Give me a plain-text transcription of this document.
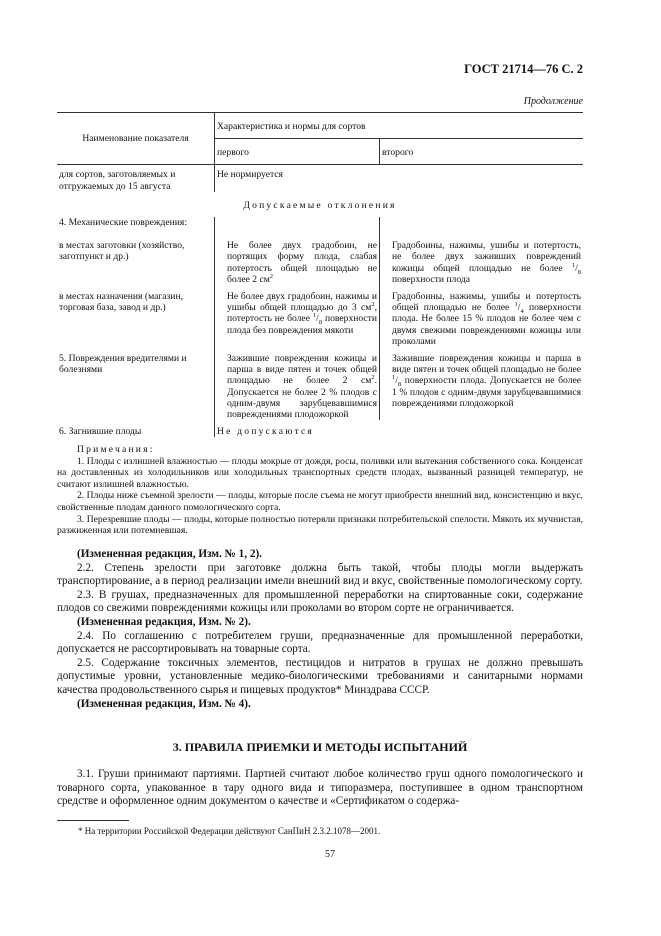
ГОСТ 21714—76 С. 2
Продолжение
Наименование показателя	Характеристика и нормы для сортов	
	первого	второго
для сортов, заготовляемых и отгружаемых до 15 августа	Не нормируется	
Допускаемые отклонения		
4. Механические повреждения:		
в местах заготовки (хозяйство, заготпункт и др.)	Не более двух градобоин, не портящих форму плода, слабая потертость общей площадью не более 2 $см^2$	Градобоины, нажимы, ушибы и потертость, не более двух заживших повреждений кожицы общей площадью не более $^1/_8$ поверхности плода
в местах назначения (магазин, торговая база, завод и др.)	Не более двух градобоин, нажимы и ушибы общей площадью до 3 $см^2$, потертость не более $^1/_8$ поверхности плода без повреждения мякоти	Градобоины, нажимы, ушибы и потертость общей площадью не более $^1/_4$ поверхности плода. Не более 15 % плодов не более чем с двумя свежими повреждениями кожицы или проколами
5. Повреждения вредителями и болезнями	Зажившие повреждения кожицы и парша в виде пятен и точек общей площадью не более 2 $см^2$. Допускается не более 2 % плодов с одним-двумя зарубцевавшимися повреждениями плодожоркой	Зажившие повреждения кожицы и парша в виде пятен и точек общей площадью не более $^1/_8$ поверхности плода. Допускается не более 1 % плодов с одним-двумя зарубцевавшимися повреждениями плодожоркой
6. Загнившие плоды	Не допускаются	

Примечания:

1. Плоды с излишней влажностью — плоды мокрые от дождя, росы, поливки или вытекания собственного сока. Конденсат на доставленных из холодильников или холодильных транспортных средств плодах, вызванный разницей температур, не считают излишней влажностью.

2. Плоды ниже съемной зрелости — плоды, которые после съема не могут приобрести внешний вид, консистенцию и вкус, свойственные плодам данного помологического сорта.

3. Перезревшие плоды — плоды, которые полностью потеряли признаки потребительской спелости. Мякоть их мучнистая, разжиженная или потемневшая.

(Измененная редакция, Изм. № 1, 2).

2.2. Степень зрелости при заготовке должна быть такой, чтобы плоды могли выдержать транспортирование, а в период реализации имели внешний вид и вкус, свойственные помологическому сорту.

2.3. В грушах, предназначенных для промышленной переработки на спиртованные соки, содержание плодов со свежими повреждениями кожицы или проколами во втором сорте не ограничивается.

(Измененная редакция, Изм. № 2).

2.4. По соглашению с потребителем груши, предназначенные для промышленной переработки, допускается не рассортировывать на товарные сорта.

2.5. Содержание токсичных элементов, пестицидов и нитратов в грушах не должно превышать допустимые уровни, установленные медико-биологическими требованиями и санитарными нормами качества продовольственного сырья и пищевых продуктов* Минздрава СССР.

(Измененная редакция, Изм. № 4).

3. ПРАВИЛА ПРИЕМКИ И МЕТОДЫ ИСПЫТАНИЙ

3.1. Груши принимают партиями. Партией считают любое количество груш одного помологического и товарного сорта, упакованное в тару одного вида и типоразмера, поступившее в одном транспортном средстве и оформленное одним документом о качестве и «Сертификатом о содержа-

* На территории Российской Федерации действуют СанПиН 2.3.2.1078—2001.
57
